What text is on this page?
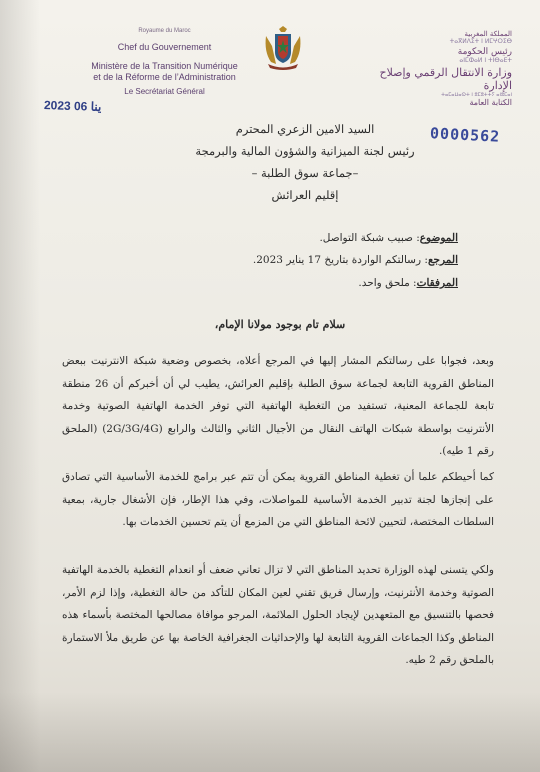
Royaume du Maroc
Chef du Gouvernement
Ministère de la Transition Numérique
et de la Réforme de l’Administration
Le Secrétariat Général
المملكة المغربية
ⵜⴰⴳⵍⴷⵉⵜ ⵏ ⵍⵎⵖⵔⵉⴱ
رئيس الحكومة
ⴰⵏⵎⵀⴰⵍ ⵏ ⵜⵏⴱⴰⴹⵜ
وزارة الانتقال الرقمي وإصلاح الإدارة
ⵜⴰⵎⴰⵡⴰⵙⵜ ⵏ ⵓⵎⵓⵜⵜⵢ ⴰⵏⵓⵎⴰⵏ
الكتابة العامة
2023 ينا 06
0000562
السيد الامين الزعري المحترم
رئيس لجنة الميزانية والشؤون المالية والبرمجة
–جماعة سوق الطلبة –
إقليم العرائش
الموضوع: صبيب شبكة التواصل.
المرجع: رسالتكم الواردة بتاريخ 17 يناير 2023.
المرفقات: ملحق واحد.
سلام تام بوجود مولانا الإمام،
وبعد، فجوابا على رسالتكم المشار إليها في المرجع أعلاه، بخصوص وضعية شبكة الانترنيت ببعض المناطق القروية التابعة لجماعة سوق الطلبة بإقليم العرائش، يطيب لي أن أخبركم أن 26 منطقة تابعة للجماعة المعنية، تستفيد من التغطية الهاتفية التي توفر الخدمة الهاتفية الصوتية وخدمة الأنترنيت بواسطة شبكات الهاتف النقال من الأجيال الثاني والثالث والرابع (2G/3G/4G) (الملحق رقم 1 طيه).
كما أحيطكم علما أن تغطية المناطق القروية يمكن أن تتم عبر برامج للخدمة الأساسية التي تصادق على إنجازها لجنة تدبير الخدمة الأساسية للمواصلات، وفي هذا الإطار، فإن الأشغال جارية، بمعية السلطات المختصة، لتحيين لائحة المناطق التي من المزمع أن يتم تحسين الخدمات بها.
ولكي يتسنى لهذه الوزارة تحديد المناطق التي لا تزال تعاني ضعف أو انعدام التغطية بالخدمة الهاتفية الصوتية وخدمة الأنترنيت، وإرسال فريق تقني لعين المكان للتأكد من حالة التغطية، وإذا لزم الأمر، فحصها بالتنسيق مع المتعهدين لإيجاد الحلول الملائمة، المرجو موافاة مصالحها المختصة بأسماء هذه المناطق وكذا الجماعات القروية التابعة لها والإحداثيات الجغرافية الخاصة بها عن طريق ملأ الاستمارة بالملحق رقم 2 طيه.
